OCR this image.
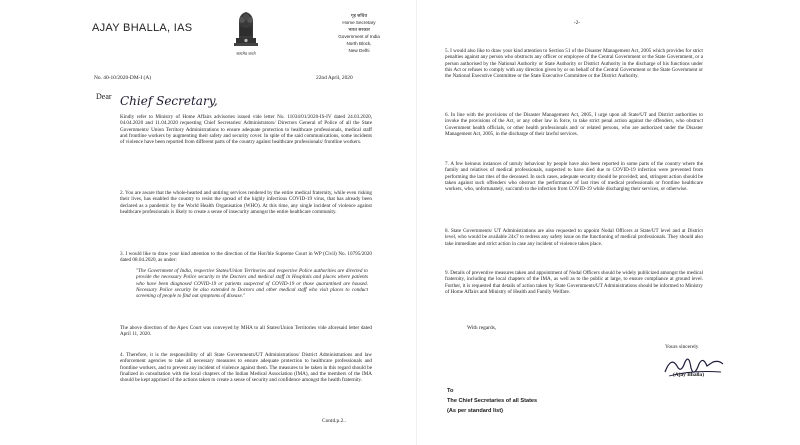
AJAY BHALLA, IAS
सत्यमेव जयते
गृह सचिव
Home Secretary
भारत सरकार
Government of India
North Block,
New Delhi
No. 40-10/2020-DM-I (A)	22nd April, 2020
Dear Chief Secretary,

Kindly refer to Ministry of Home Affairs advisories issued vide letter No. 11034/01/2020-IS-IV dated 24.03.2020, 04.04.2020 and 11.04.2020 requesting Chief Secretaries/ Administrators/ Directors General of Police of all the State Governments/ Union Territory Administrations to ensure adequate protection to healthcare professionals, medical staff and frontline workers by augmenting their safety and security cover. In spite of the said communications, some incidents of violence have been reported from different parts of the country against healthcare professionals/ frontline workers.

2. You are aware that the whole-hearted and untiring services rendered by the entire medical fraternity, while even risking their lives, has enabled the country to resist the spread of the highly infectious COVID-19 virus, that has already been declared as a pandemic by the World Health Organisation (WHO). At this time, any single incident of violence against healthcare professionals is likely to create a sense of insecurity amongst the entire healthcare community.

3. I would like to draw your kind attention to the direction of the Hon'ble Supreme Court in WP (Civil) No. 10795/2020 dated 08.04.2020, as under:

"The Government of India, respective States/Union Territories and respective Police authorities are directed to provide the necessary Police security to the Doctors and medical staff in Hospitals and places where patients who have been diagnosed COVID-19 or patients suspected of COVID-19 or those quarantined are housed. Necessary Police security be also extended to Doctors and other medical staff who visit places to conduct screening of people to find out symptoms of disease."

The above direction of the Apex Court was conveyed by MHA to all States/Union Territories vide aforesaid letter dated April 11, 2020.

4. Therefore, it is the responsibility of all State Governments/UT Administrations/ District Administrations and law enforcement agencies to take all necessary measures to ensure adequate protection to healthcare professionals and frontline workers, and to prevent any incident of violence against them. The measures to be taken in this regard should be finalized in consultation with the local chapters of the Indian Medical Association (IMA), and the members of the IMA should be kept apprised of the actions taken to create a sense of security and confidence amongst the health fraternity.

Contd.p.2..
-2-

5. I would also like to draw your kind attention to Section 51 of the Disaster Management Act, 2005 which provides for strict penalties against any person who obstructs any officer or employee of the Central Government or the State Government, or a person authorised by the National Authority or State Authority or District Authority in the discharge of his functions under this Act or refuses to comply with any direction given by or on behalf of the Central Government or the State Government or the National Executive Committee or the State Executive Committee or the District Authority.

6. In line with the provisions of the Disaster Management Act, 2005, I urge upon all State/UT and District authorities to invoke the provisions of the Act, or any other law in force, to take strict penal action against the offenders, who obstruct Government health officials, or other health professionals and/ or related persons, who are authorized under the Disaster Management Act, 2005, in the discharge of their lawful services.

7. A few heinous instances of unruly behaviour by people have also been reported in some parts of the country where the family and relatives of medical professionals, suspected to have died due to COVID-19 infection were prevented from performing the last rites of the deceased. In such cases, adequate security should be provided; and, stringent action should be taken against such offenders who obstruct the performance of last rites of medical professionals or frontline healthcare workers, who, unfortunately, succumb to the infection from COVID-19 while discharging their services, or otherwise.

8. State Governments/ UT Administrations are also requested to appoint Nodal Officers at State/UT level and at District level, who would be available 24x7 to redress any safety issue on the functioning of medical professionals. They should also take immediate and strict action in case any incident of violence takes place.

9. Details of preventive measures taken and appointment of Nodal Officers should be widely publicized amongst the medical fraternity, including the local chapters of the IMA, as well as to the public at large, to ensure compliance at ground level. Further, it is requested that details of action taken by State Governments/UT Administrations should be informed to Ministry of Home Affairs and Ministry of Health and Family Welfare.

With regards,
Yours sincerely
(Ajay Bhalla)
To
The Chief Secretaries of all States
(As per standard list)
